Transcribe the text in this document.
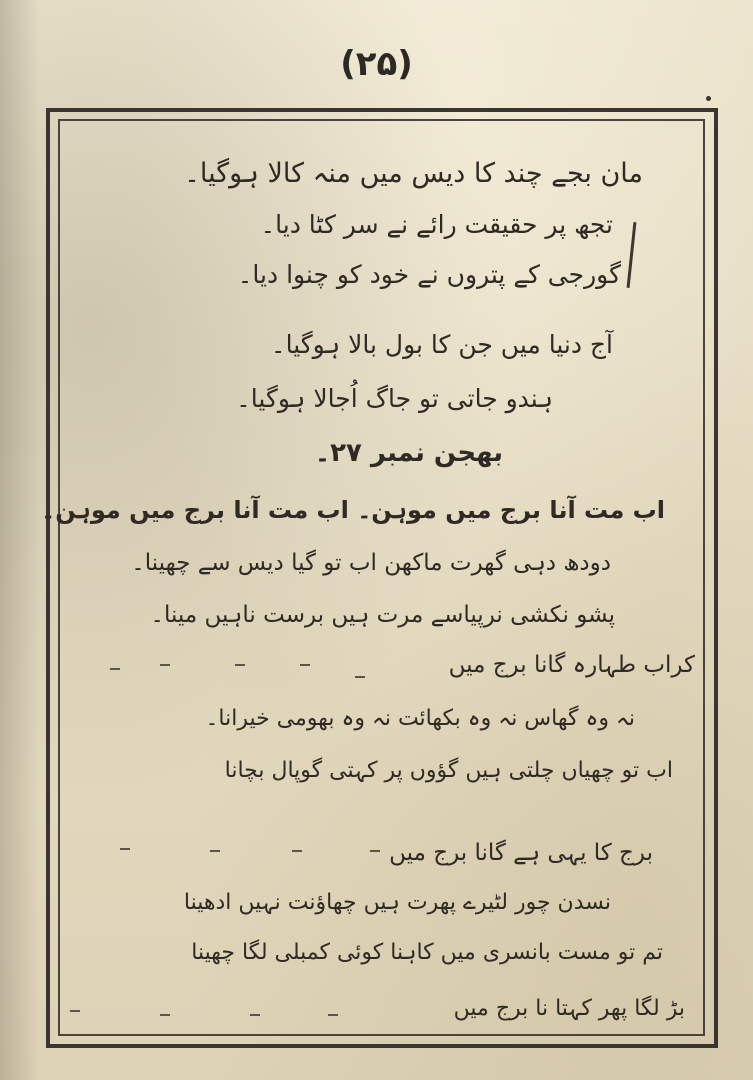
(۲۵)
مان بجے چند کا دیس میں منہ کالا ہوگیا۔
تجھ پر حقیقت رائے نے سر کٹا دیا۔
گورجی کے پتروں نے خود کو چنوا دیا۔
آج دنیا میں جن کا بول بالا ہوگیا۔
ہندو جاتی تو جاگ اُجالا ہوگیا۔
بھجن نمبر ۲۷۔
اب مت آنا برج میں موہن۔ اب مت آنا برج میں موہن۔
دودھ دہی گھرت ماکھن اب تو گیا دیس سے چھینا۔
پشو نکشی نرپیاسے مرت ہیں برست ناہیں مینا۔
کراب طہارہ گانا برج میں
نہ وہ گھاس نہ وہ بکھائت نہ وہ بھومی خیرانا۔
اب تو چھیاں چلتی ہیں گؤوں پر کہتی گوپال بچانا
برج کا یہی ہے گانا برج میں
نسدن چور لٹیرے پھرت ہیں چھاؤنت نہیں ادھینا
تم تو مست بانسری میں کاہنا کوئی کمبلی لگا چھینا
بڑ لگا پھر کہتا نا برج میں
